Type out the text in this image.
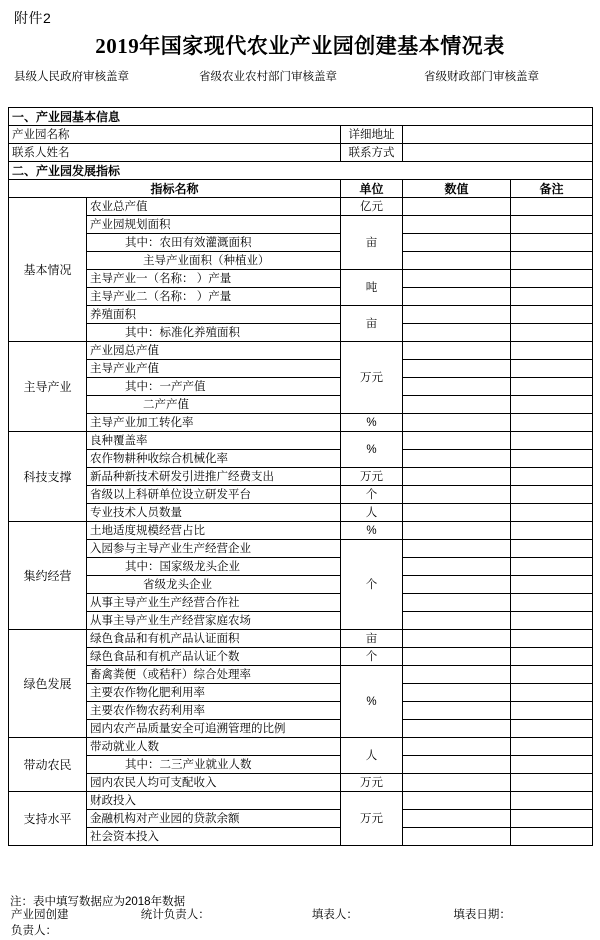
附件2
2019年国家现代农业产业园创建基本情况表
县级人民政府审核盖章	省级农业农村部门审核盖章	省级财政部门审核盖章
一、产业园基本信息				
产业园名称		详细地址		
联系人姓名		联系方式		
二、产业园发展指标				
指标名称		单位	数值	备注
基本情况	农业总产值	亿元		
	产业园规划面积	亩		
	其中：农田有效灌溉面积			
	主导产业面积（种植业）			
	主导产业一（名称： ）产量	吨		
	主导产业二（名称： ）产量			
	养殖面积	亩		
	其中：标准化养殖面积			
主导产业	产业园总产值	万元		
	主导产业产值			
	其中：一产产值			
	二产产值			
	主导产业加工转化率	%		
科技支撑	良种覆盖率	%		
	农作物耕种收综合机械化率			
	新品种新技术研发引进推广经费支出	万元		
	省级以上科研单位设立研发平台	个		
	专业技术人员数量	人		
集约经营	土地适度规模经营占比	%		
	入园参与主导产业生产经营企业	个		
	其中：国家级龙头企业			
	省级龙头企业			
	从事主导产业生产经营合作社			
	从事主导产业生产经营家庭农场			
绿色发展	绿色食品和有机产品认证面积	亩		
	绿色食品和有机产品认证个数	个		
	畜禽粪便（或秸秆）综合处理率	%		
	主要农作物化肥利用率			
	主要农作物农药利用率			
	园内农产品质量安全可追溯管理的比例			
带动农民	带动就业人数	人		
	其中：二三产业就业人数			
	园内农民人均可支配收入	万元		
支持水平	财政投入	万元		
	金融机构对产业园的贷款余额			
	社会资本投入			
注：表中填写数据应为2018年数据
产业园创建	统计负责人：	填表人：	填表日期：
负责人：			
